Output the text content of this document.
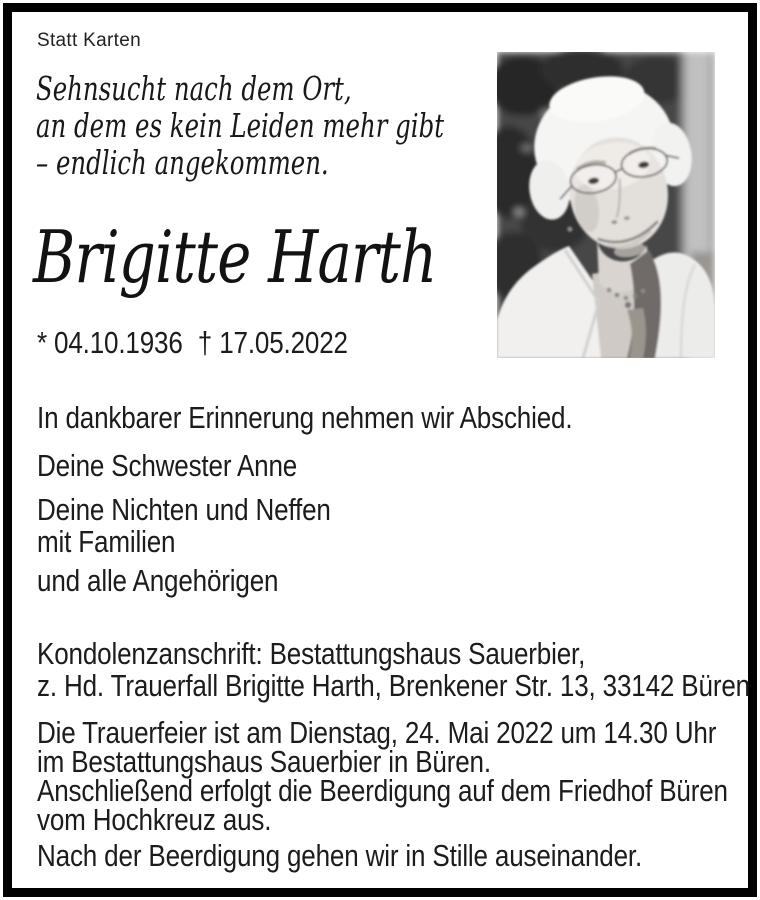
Statt Karten
Sehnsucht nach dem Ort,
an dem es kein Leiden mehr gibt
– endlich angekommen.
Brigitte Harth
* 04.10.1936 † 17.05.2022
In dankbarer Erinnerung nehmen wir Abschied.
Deine Schwester Anne
Deine Nichten und Neffen
mit Familien
und alle Angehörigen
Kondolenzanschrift: Bestattungshaus Sauerbier,
z. Hd. Trauerfall Brigitte Harth, Brenkener Str. 13, 33142 Büren
Die Trauerfeier ist am Dienstag, 24. Mai 2022 um 14.30 Uhr
im Bestattungshaus Sauerbier in Büren.
Anschließend erfolgt die Beerdigung auf dem Friedhof Büren
vom Hochkreuz aus.
Nach der Beerdigung gehen wir in Stille auseinander.
